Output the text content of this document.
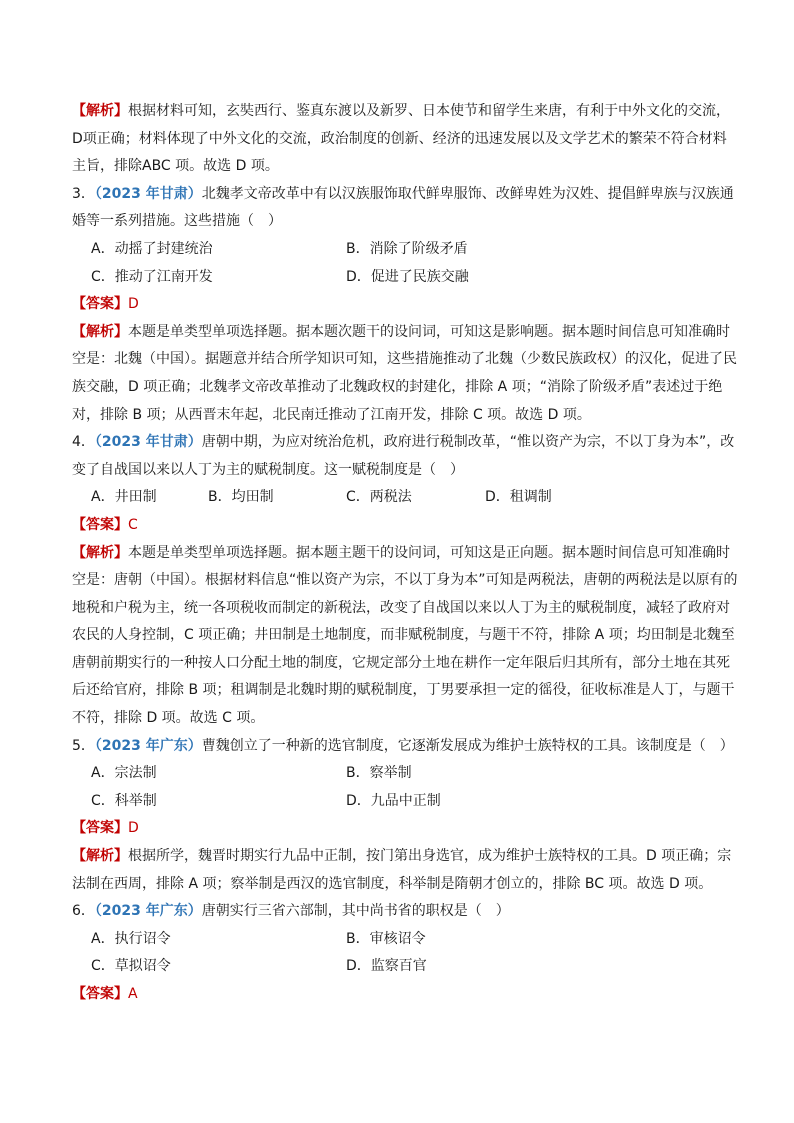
【解析】根据材料可知，玄奘西行、鉴真东渡以及新罗、日本使节和留学生来唐，有利于中外文化的交流，D项正确；材料体现了中外文化的交流，政治制度的创新、经济的迅速发展以及文学艺术的繁荣不符合材料主旨，排除ABC 项。故选 D 项。

3．（2023 年甘肃）北魏孝文帝改革中有以汉族服饰取代鲜卑服饰、改鲜卑姓为汉姓、提倡鲜卑族与汉族通婚等一系列措施。这些措施（　）

A．动摇了封建统治	B．消除了阶级矛盾
C．推动了江南开发	D．促进了民族交融

【答案】D

【解析】本题是单类型单项选择题。据本题次题干的设问词，可知这是影响题。据本题时间信息可知准确时空是：北魏（中国）。据题意并结合所学知识可知，这些措施推动了北魏（少数民族政权）的汉化，促进了民族交融，D 项正确；北魏孝文帝改革推动了北魏政权的封建化，排除 A 项；“消除了阶级矛盾”表述过于绝对，排除 B 项；从西晋末年起，北民南迁推动了江南开发，排除 C 项。故选 D 项。

4．（2023 年甘肃）唐朝中期，为应对统治危机，政府进行税制改革，“惟以资产为宗，不以丁身为本”，改变了自战国以来以人丁为主的赋税制度。这一赋税制度是（　）

A．井田制	B．均田制	C．两税法	D．租调制

【答案】C

【解析】本题是单类型单项选择题。据本题主题干的设问词，可知这是正向题。据本题时间信息可知准确时空是：唐朝（中国）。根据材料信息“惟以资产为宗，不以丁身为本”可知是两税法，唐朝的两税法是以原有的地税和户税为主，统一各项税收而制定的新税法，改变了自战国以来以人丁为主的赋税制度，减轻了政府对农民的人身控制，C 项正确；井田制是土地制度，而非赋税制度，与题干不符，排除 A 项；均田制是北魏至唐朝前期实行的一种按人口分配土地的制度，它规定部分土地在耕作一定年限后归其所有，部分土地在其死后还给官府，排除 B 项；租调制是北魏时期的赋税制度，丁男要承担一定的徭役，征收标准是人丁，与题干不符，排除 D 项。故选 C 项。

5．（2023 年广东）曹魏创立了一种新的选官制度，它逐渐发展成为维护士族特权的工具。该制度是（　）

A．宗法制	B．察举制
C．科举制	D．九品中正制

【答案】D

【解析】根据所学，魏晋时期实行九品中正制，按门第出身选官，成为维护士族特权的工具。D 项正确；宗法制在西周，排除 A 项；察举制是西汉的选官制度，科举制是隋朝才创立的，排除 BC 项。故选 D 项。

6．（2023 年广东）唐朝实行三省六部制，其中尚书省的职权是（　）

A．执行诏令	B．审核诏令
C．草拟诏令	D．监察百官

【答案】A
